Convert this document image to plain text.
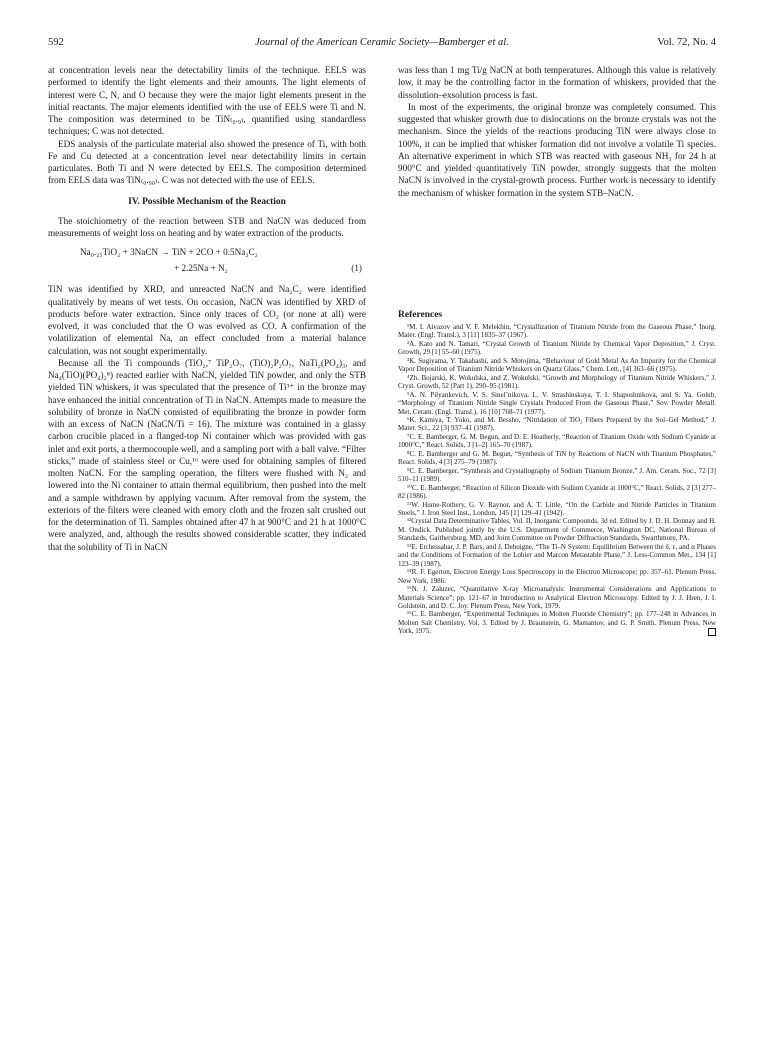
592	Journal of the American Ceramic Society—Bamberger et al.	Vol. 72, No. 4

at concentration levels near the detectability limits of the technique. EELS was performed to identify the light elements and their amounts. The light elements of interest were C, N, and O because they were the major light elements present in the initial reactants. The major elements identified with the use of EELS were Ti and N. The composition was determined to be TiN₍₀.₉₎, quantified using standardless techniques; C was not detected.

EDS analysis of the particulate material also showed the presence of Ti, with both Fe and Cu detected at a concentration level near detectability limits in certain particulates. Both Ti and N were detected by EELS. The composition determined from EELS data was TiN₍₀.₉₀₎. C was not detected with the use of EELS.

IV. Possible Mechanism of the Reaction

The stoichiometry of the reaction between STB and NaCN was deduced from measurements of weight loss on heating and by water extraction of the products.

Na₀.₂₅TiO₂ + 3NaCN → TiN + 2CO + 0.5Na₂C₂
+ 2.25Na + N₂	(1)

TiN was identified by XRD, and unreacted NaCN and Na₂C₂ were identified qualitatively by means of wet tests. On occasion, NaCN was identified by XRD of products before water extraction. Since only traces of CO₂ (or none at all) were evolved, it was concluded that the O was evolved as CO. A confirmation of the volatilization of elemental Na, an effect concluded from a material balance calculation, was not sought experimentally.

Because all the Ti compounds (TiO₂,⁷ TiP₂O₇, (TiO)₂P₂O₇, NaTi₂(PO₄)₃, and Na₄(TiO)(PO₄)₂⁸) reacted earlier with NaCN, yielded TiN powder, and only the STB yielded TiN whiskers, it was speculated that the presence of Ti³⁺ in the bronze may have enhanced the initial concentration of Ti in NaCN. Attempts made to measure the solubility of bronze in NaCN consisted of equilibrating the bronze in powder form with an excess of NaCN (NaCN/Ti = 16). The mixture was contained in a glassy carbon crucible placed in a flanged-top Ni container which was provided with gas inlet and exit ports, a thermocouple well, and a sampling port with a ball valve. “Filter sticks,” made of stainless steel or Cu,¹⁶ were used for obtaining samples of filtered molten NaCN. For the sampling operation, the filters were flushed with N₂ and lowered into the Ni container to attain thermal equilibrium, then pushed into the melt and a sample withdrawn by applying vacuum. After removal from the system, the exteriors of the filters were cleaned with emory cloth and the frozen salt crushed out for the determination of Ti. Samples obtained after 47 h at 900°C and 21 h at 1000°C were analyzed, and, although the results showed considerable scatter, they indicated that the solubility of Ti in NaCN

was less than 1 mg Ti/g NaCN at both temperatures. Although this value is relatively low, it may be the controlling factor in the formation of whiskers, provided that the dissolution–exsolution process is fast.

In most of the experiments, the original bronze was completely consumed. This suggested that whisker growth due to dislocations on the bronze crystals was not the mechanism. Since the yields of the reactions producing TiN were always close to 100%, it can be implied that whisker formation did not involve a volatile Ti species. An alternative experiment in which STB was reacted with gaseous NH₃ for 24 h at 900°C and yielded quantitatively TiN powder, strongly suggests that the molten NaCN is involved in the crystal-growth process. Further work is necessary to identify the mechanism of whisker formation in the system STB–NaCN.

References
¹M. I. Aivazov and V. F. Melekhin, “Crystallization of Titanium Nitride from the Gaseous Phase,” Inorg. Mater. (Engl. Transl.), 3 [11] 1835–37 (1967).
²A. Kato and N. Tamari, “Crystal Growth of Titanium Nitride by Chemical Vapor Deposition,” J. Cryst. Growth, 29 [1] 55–60 (1975).
³K. Sugiyama, Y. Takahashi, and S. Motojima, “Behaviour of Gold Metal As An Impurity for the Chemical Vapor Deposition of Titanium Nitride Whiskers on Quartz Glass,” Chem. Lett., [4] 363–66 (1975).
⁴Zh. Bojarski, K. Wokulska, and Z. Wokulski, “Growth and Morphology of Titanium Nitride Whiskers,” J. Cryst. Growth, 52 (Part 1), 290–95 (1981).
⁵A. N. Pilyankevich, V. S. Sinel’nikova, L. V. Strashinskaya, T. I. Shaposhnikova, and S. Ya. Golub, “Morphology of Titanium Nitride Single Crystals Produced From the Gaseous Phase,” Sov. Powder Metall. Met. Ceram. (Engl. Transl.), 16 [10] 768–71 (1977).
⁶K. Kamiya, T. Yoko, and M. Bessho, “Nitridation of TiO₂ Fibers Prepared by the Sol–Gel Method,” J. Mater. Sci., 22 [3] 937–41 (1987).
⁷C. E. Bamberger, G. M. Begun, and D. E. Heatherly, “Reaction of Titanium Oxide with Sodium Cyanide at 1000°C,” React. Solids, 3 [1–2] 165–70 (1987).
⁸C. E. Bamberger and G. M. Begun, “Synthesis of TiN by Reactions of NaCN with Titanium Phosphates,” React. Solids, 4 [3] 275–79 (1987).
⁹C. E. Bamberger, “Synthesis and Crystallography of Sodium Titanium Bronze,” J. Am. Ceram. Soc., 72 [3] 510–11 (1989).
¹⁰C. E. Bamberger, “Reaction of Silicon Dioxide with Sodium Cyanide at 1000°C,” React. Solids, 2 [3] 277–82 (1986).
¹¹W. Hume-Rothery, G. V. Raynor, and A. T. Little, “On the Carbide and Nitride Particles in Titanium Steels,” J. Iron Steel Inst., London, 145 [1] 129–41 (1942).
¹²Crystal Data Determinative Tables, Vol. II, Inorganic Compounds, 3d ed. Edited by J. D. H. Donnay and H. M. Ondick. Published jointly by the U.S. Department of Commerce, Washington DC, National Bureau of Standards, Gaithersburg, MD, and Joint Committee on Powder Diffraction Standards, Swarthmore, PA.
¹³E. Etchessahar, J. P. Bars, and J. Debuigne, “The Ti–N System: Equilibrium Between the δ, ε, and α Phases and the Conditions of Formation of the Lobier and Marcon Metastable Phase,” J. Less-Common Met., 134 [1] 123–39 (1987).
¹⁴R. F. Egerton, Electron Energy Loss Spectroscopy in the Electron Microscope; pp. 357–61. Plenum Press, New York, 1986.
¹⁵N. J. Zaluzec, “Quantitative X-ray Microanalysis: Instrumental Considerations and Applications to Materials Science”; pp. 121–67 in Introduction to Analytical Electron Microscopy. Edited by J. J. Hren, J. I. Goldstein, and D. C. Joy. Plenum Press, New York, 1979.
¹⁶C. E. Bamberger, “Experimental Techniques in Molten Fluoride Chemistry”; pp. 177–248 in Advances in Molten Salt Chemistry, Vol. 3. Edited by J. Braunstein, G. Mamantov, and G. P. Smith. Plenum Press, New York, 1975.
